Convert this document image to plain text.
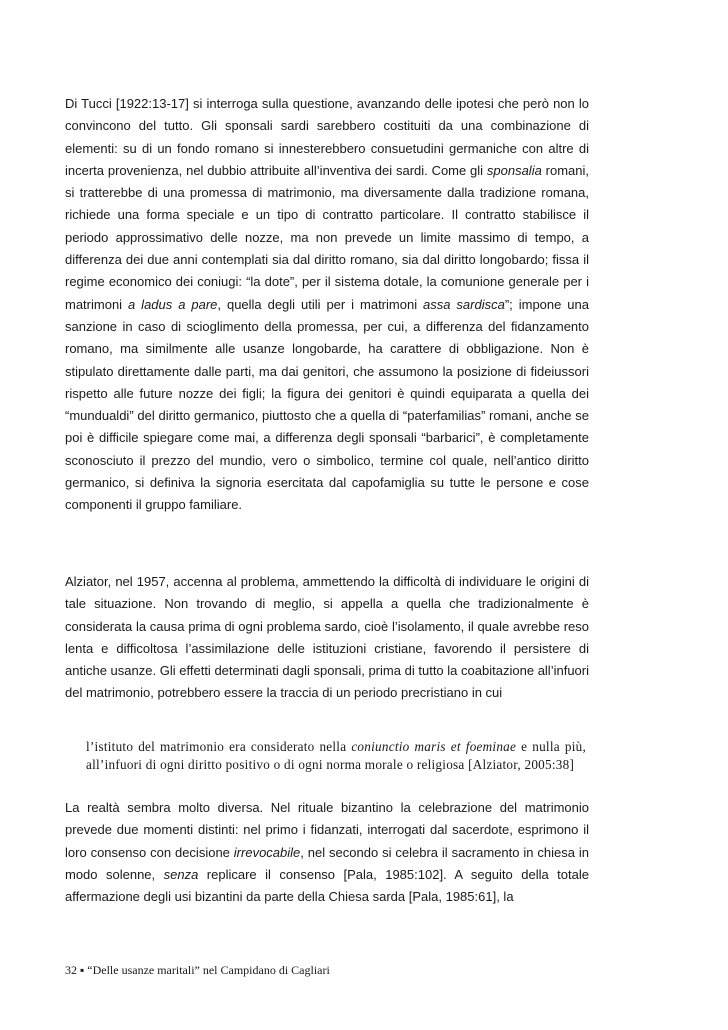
Di Tucci [1922:13-17] si interroga sulla questione, avanzando delle ipotesi che però non lo convincono del tutto. Gli sponsali sardi sarebbero costituiti da una combinazione di elementi: su di un fondo romano si innesterebbero consuetudini germaniche con altre di incerta provenienza, nel dubbio attribuite all’inventiva dei sardi. Come gli sponsalia romani, si tratterebbe di una promessa di matrimonio, ma diversamente dalla tradizione romana, richiede una forma speciale e un tipo di contratto particolare. Il contratto stabilisce il periodo approssimativo delle nozze, ma non prevede un limite massimo di tempo, a differenza dei due anni contemplati sia dal diritto romano, sia dal diritto longobardo; fissa il regime economico dei coniugi: “la dote”, per il sistema dotale, la comunione generale per i matrimoni a ladus a pare, quella degli utili per i matrimoni assa sardisca”; impone una sanzione in caso di scioglimento della promessa, per cui, a differenza del fidanzamento romano, ma similmente alle usanze longobarde, ha carattere di obbligazione. Non è stipulato direttamente dalle parti, ma dai genitori, che assumono la posizione di fideiussori rispetto alle future nozze dei figli; la figura dei genitori è quindi equiparata a quella dei “mundualdi” del diritto germanico, piuttosto che a quella di “paterfamilias” romani, anche se poi è difficile spiegare come mai, a differenza degli sponsali “barbarici”, è completamente sconosciuto il prezzo del mundio, vero o simbolico, termine col quale, nell’antico diritto germanico, si definiva la signoria esercitata dal capofamiglia su tutte le persone e cose componenti il gruppo familiare.

Alziator, nel 1957, accenna al problema, ammettendo la difficoltà di individuare le origini di tale situazione. Non trovando di meglio, si appella a quella che tradizionalmente è considerata la causa prima di ogni problema sardo, cioè l’isolamento, il quale avrebbe reso lenta e difficoltosa l’assimilazione delle istituzioni cristiane, favorendo il persistere di antiche usanze. Gli effetti determinati dagli sponsali, prima di tutto la coabitazione all’infuori del matrimonio, potrebbero essere la traccia di un periodo precristiano in cui

l’istituto del matrimonio era considerato nella coniunctio maris et foeminae e nulla più, all’infuori di ogni diritto positivo o di ogni norma morale o religiosa [Alziator, 2005:38]

La realtà sembra molto diversa. Nel rituale bizantino la celebrazione del matrimonio prevede due momenti distinti: nel primo i fidanzati, interrogati dal sacerdote, esprimono il loro consenso con decisione irrevocabile, nel secondo si celebra il sacramento in chiesa in modo solenne, senza replicare il consenso [Pala, 1985:102]. A seguito della totale affermazione degli usi bizantini da parte della Chiesa sarda [Pala, 1985:61], la

32 ▪ “Delle usanze maritali” nel Campidano di Cagliari
